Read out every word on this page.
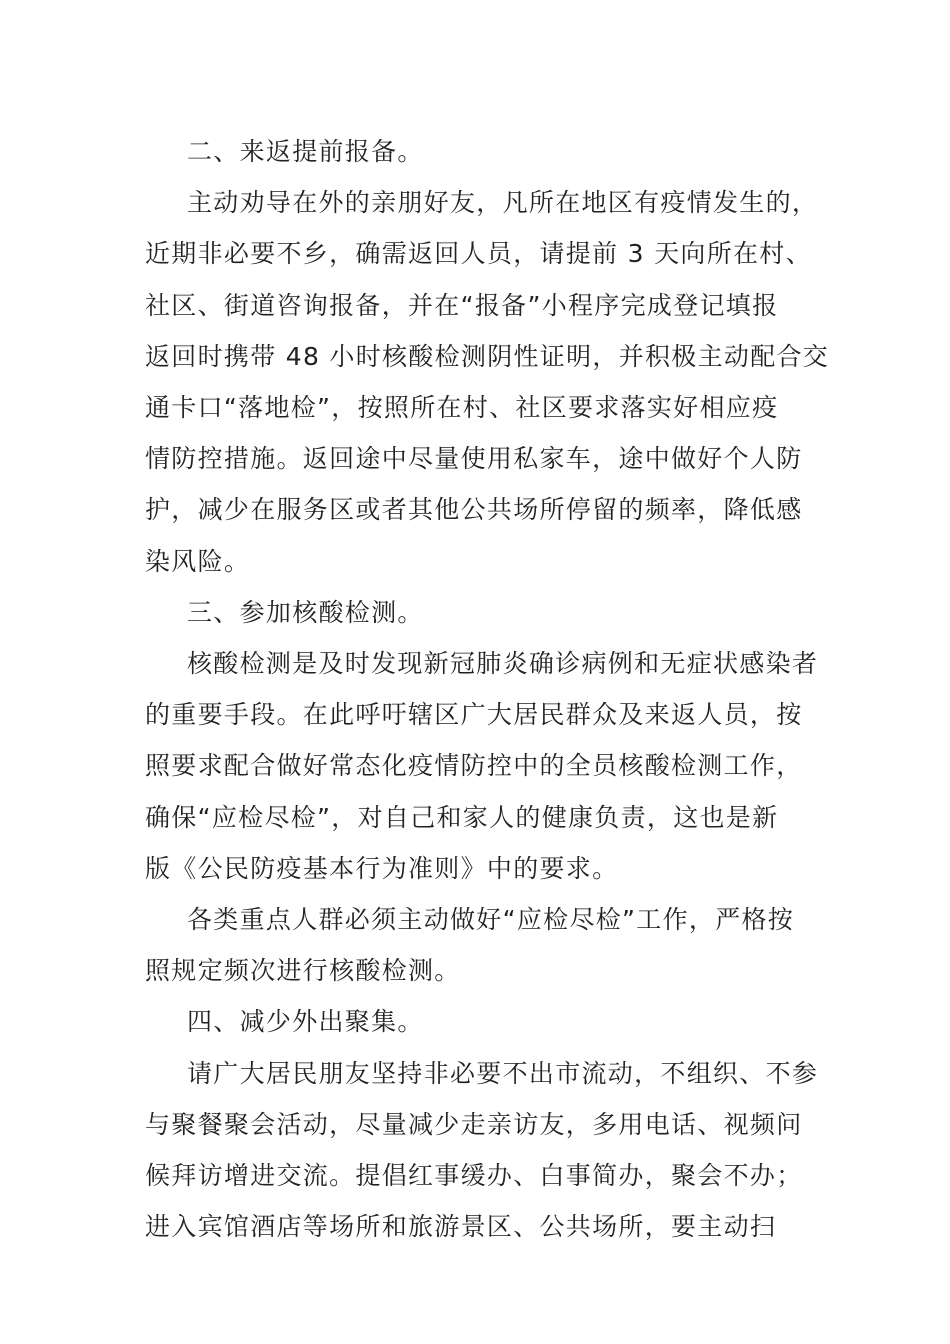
二、来返提前报备。
主动劝导在外的亲朋好友，凡所在地区有疫情发生的，
近期非必要不乡，确需返回人员，请提前 3 天向所在村、
社区、街道咨询报备，并在“报备”小程序完成登记填报
返回时携带 48 小时核酸检测阴性证明，并积极主动配合交
通卡口“落地检”，按照所在村、社区要求落实好相应疫
情防控措施。返回途中尽量使用私家车，途中做好个人防
护，减少在服务区或者其他公共场所停留的频率，降低感
染风险。
三、参加核酸检测。
核酸检测是及时发现新冠肺炎确诊病例和无症状感染者
的重要手段。在此呼吁辖区广大居民群众及来返人员，按
照要求配合做好常态化疫情防控中的全员核酸检测工作，
确保“应检尽检”，对自己和家人的健康负责，这也是新
版《公民防疫基本行为准则》中的要求。
各类重点人群必须主动做好“应检尽检”工作，严格按
照规定频次进行核酸检测。
四、减少外出聚集。
请广大居民朋友坚持非必要不出市流动，不组织、不参
与聚餐聚会活动，尽量减少走亲访友，多用电话、视频问
候拜访增进交流。提倡红事缓办、白事简办，聚会不办；
进入宾馆酒店等场所和旅游景区、公共场所，要主动扫
